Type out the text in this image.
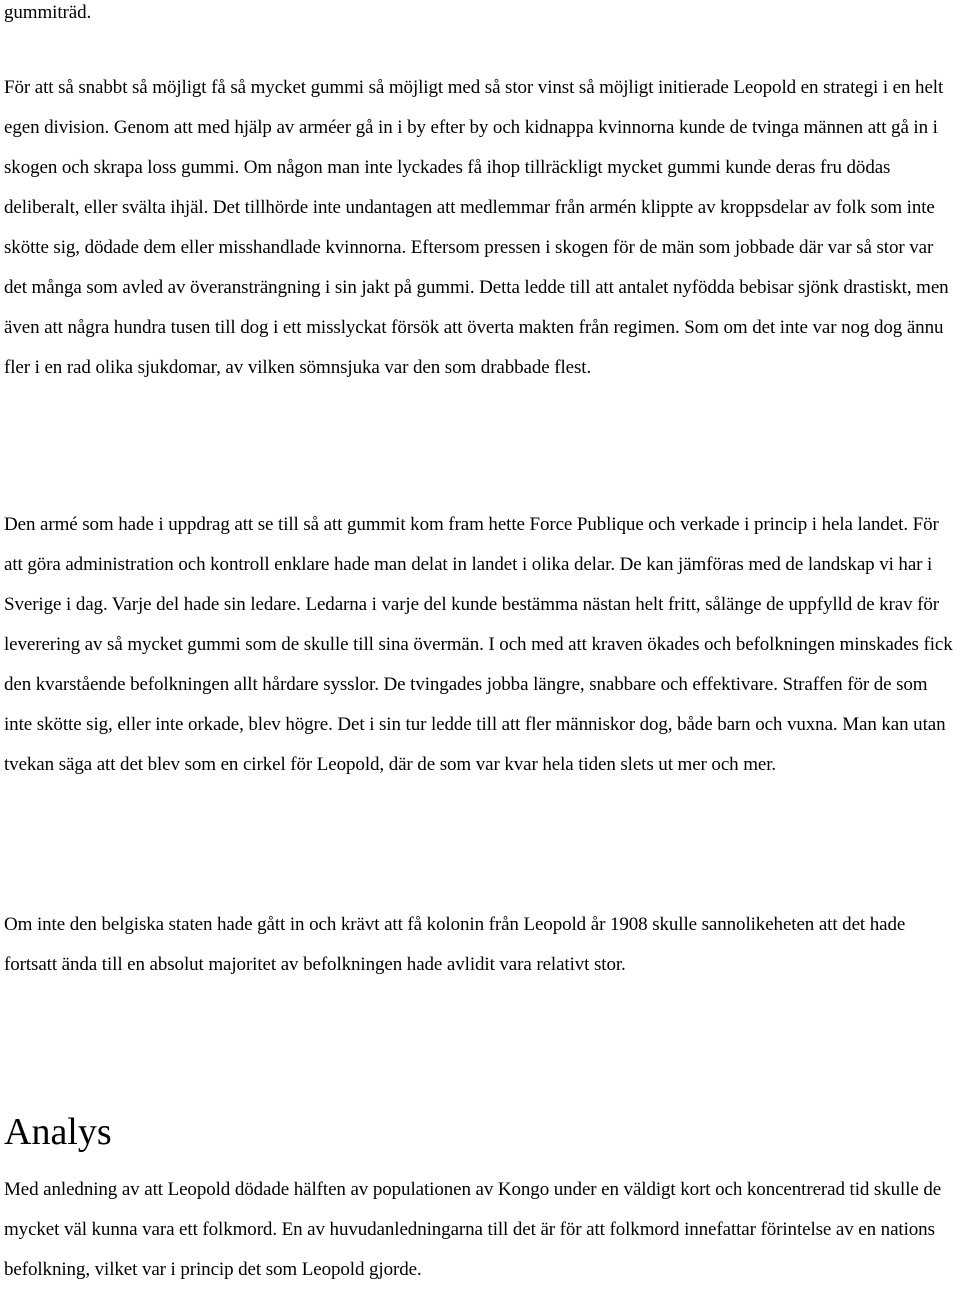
gummiträd.

För att så snabbt så möjligt få så mycket gummi så möjligt med så stor vinst så möjligt initierade Leopold en strategi i en helt egen division. Genom att med hjälp av arméer gå in i by efter by och kidnappa kvinnorna kunde de tvinga männen att gå in i skogen och skrapa loss gummi. Om någon man inte lyckades få ihop tillräckligt mycket gummi kunde deras fru dödas deliberalt, eller svälta ihjäl. Det tillhörde inte undantagen att medlemmar från armén klippte av kroppsdelar av folk som inte skötte sig, dödade dem eller misshandlade kvinnorna. Eftersom pressen i skogen för de män som jobbade där var så stor var det många som avled av överansträngning i sin jakt på gummi. Detta ledde till att antalet nyfödda bebisar sjönk drastiskt, men även att några hundra tusen till dog i ett misslyckat försök att överta makten från regimen. Som om det inte var nog dog ännu fler i en rad olika sjukdomar, av vilken sömnsjuka var den som drabbade flest.

Den armé som hade i uppdrag att se till så att gummit kom fram hette Force Publique och verkade i princip i hela landet. För att göra administration och kontroll enklare hade man delat in landet i olika delar. De kan jämföras med de landskap vi har i Sverige i dag. Varje del hade sin ledare. Ledarna i varje del kunde bestämma nästan helt fritt, sålänge de uppfylld de krav för leverering av så mycket gummi som de skulle till sina övermän. I och med att kraven ökades och befolkningen minskades fick den kvarstående befolkningen allt hårdare sysslor. De tvingades jobba längre, snabbare och effektivare. Straffen för de som inte skötte sig, eller inte orkade, blev högre. Det i sin tur ledde till att fler människor dog, både barn och vuxna. Man kan utan tvekan säga att det blev som en cirkel för Leopold, där de som var kvar hela tiden slets ut mer och mer.

Om inte den belgiska staten hade gått in och krävt att få kolonin från Leopold år 1908 skulle sannolikeheten att det hade fortsatt ända till en absolut majoritet av befolkningen hade avlidit vara relativt stor.

Analys

Med anledning av att Leopold dödade hälften av populationen av Kongo under en väldigt kort och koncentrerad tid skulle de mycket väl kunna vara ett folkmord. En av huvudanledningarna till det är för att folkmord innefattar förintelse av en nations befolkning, vilket var i princip det som Leopold gjorde.
